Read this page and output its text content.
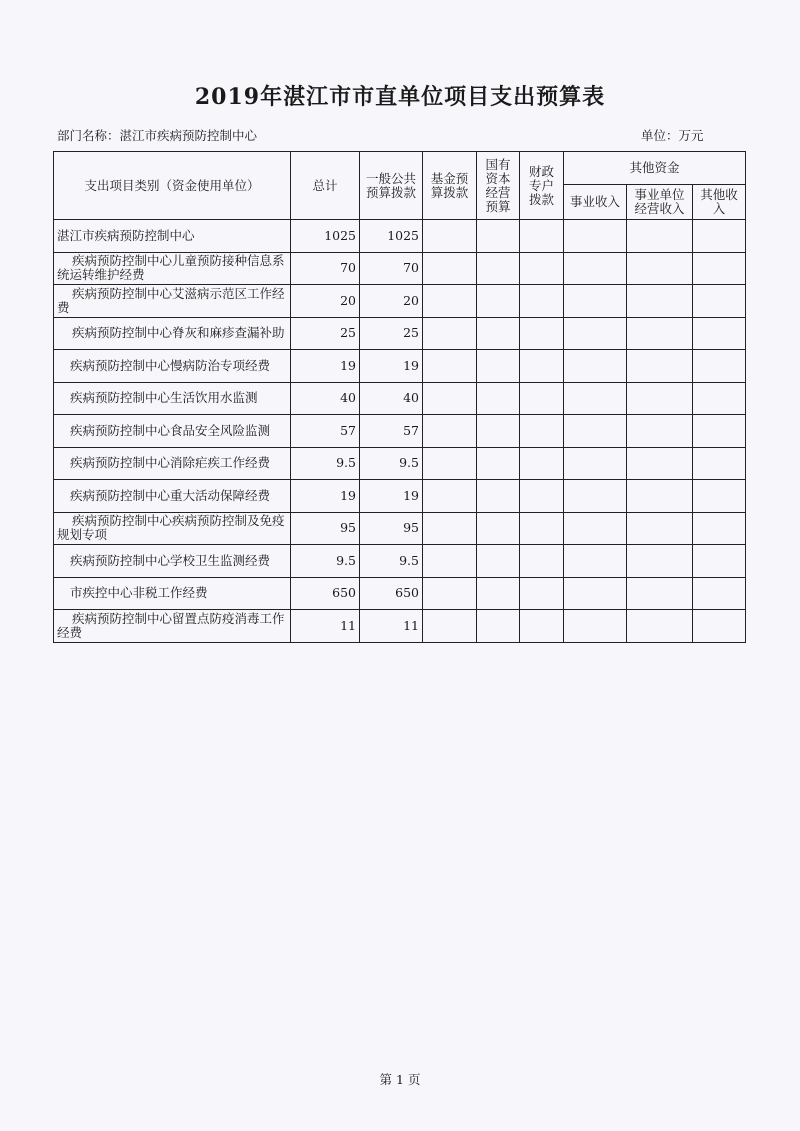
2019年湛江市市直单位项目支出预算表
部门名称：湛江市疾病预防控制中心	单位：万元
支出项目类别（资金使用单位）	总计	一般公共预算拨款	基金预算拨款	国有资本经营预算	财政专户拨款	其他资金		
						事业收入	事业单位经营收入	其他收入
湛江市疾病预防控制中心	1025	1025						
疾病预防控制中心儿童预防接种信息系统运转维护经费	70	70						
疾病预防控制中心艾滋病示范区工作经费	20	20						
疾病预防控制中心脊灰和麻疹查漏补助	25	25						
疾病预防控制中心慢病防治专项经费	19	19						
疾病预防控制中心生活饮用水监测	40	40						
疾病预防控制中心食品安全风险监测	57	57						
疾病预防控制中心消除疟疾工作经费	9.5	9.5						
疾病预防控制中心重大活动保障经费	19	19						
疾病预防控制中心疾病预防控制及免疫规划专项	95	95						
疾病预防控制中心学校卫生监测经费	9.5	9.5						
市疾控中心非税工作经费	650	650						
疾病预防控制中心留置点防疫消毒工作经费	11	11						
第 1 页
